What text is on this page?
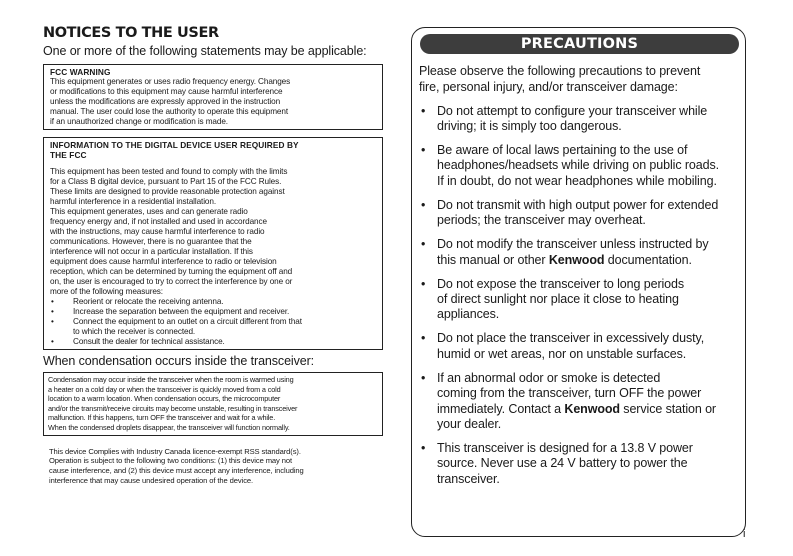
NOTICES TO THE USER
One or more of the following statements may be applicable:
FCC WARNING
This equipment generates or uses radio frequency energy. Changes
or modifications to this equipment may cause harmful interference
unless the modifications are expressly approved in the instruction
manual. The user could lose the authority to operate this equipment
if an unauthorized change or modification is made.
INFORMATION TO THE DIGITAL DEVICE USER REQUIRED BY
THE FCC
This equipment has been tested and found to comply with the limits
for a Class B digital device, pursuant to Part 15 of the FCC Rules.
These limits are designed to provide reasonable protection against
harmful interference in a residential installation.
This equipment generates, uses and can generate radio
frequency energy and, if not installed and used in accordance
with the instructions, may cause harmful interference to radio
communications. However, there is no guarantee that the
interference will not occur in a particular installation. If this
equipment does cause harmful interference to radio or television
reception, which can be determined by turning the equipment off and
on, the user is encouraged to try to correct the interference by one or
more of the following measures:
• Reorient or relocate the receiving antenna.
• Increase the separation between the equipment and receiver.
• Connect the equipment to an outlet on a circuit different from that
to which the receiver is connected.
• Consult the dealer for technical assistance.
When condensation occurs inside the transceiver:
Condensation may occur inside the transceiver when the room is warmed using
a heater on a cold day or when the transceiver is quickly moved from a cold
location to a warm location. When condensation occurs, the microcomputer
and/or the transmit/receive circuits may become unstable, resulting in transceiver
malfunction. If this happens, turn OFF the transceiver and wait for a while.
When the condensed droplets disappear, the transceiver will function normally.
This device Complies with Industry Canada licence-exempt RSS standard(s).
Operation is subject to the following two conditions: (1) this device may not
cause interference, and (2) this device must accept any interference, including
interference that may cause undesired operation of the device.
PRECAUTIONS
Please observe the following precautions to prevent
fire, personal injury, and/or transceiver damage:
• Do not attempt to configure your transceiver while
driving; it is simply too dangerous.
• Be aware of local laws pertaining to the use of
headphones/headsets while driving on public roads.
If in doubt, do not wear headphones while mobiling.
• Do not transmit with high output power for extended
periods; the transceiver may overheat.
• Do not modify the transceiver unless instructed by
this manual or other Kenwood documentation.
• Do not expose the transceiver to long periods
of direct sunlight nor place it close to heating
appliances.
• Do not place the transceiver in excessively dusty,
humid or wet areas, nor on unstable surfaces.
• If an abnormal odor or smoke is detected
coming from the transceiver, turn OFF the power
immediately. Contact a Kenwood service station or
your dealer.
• This transceiver is designed for a 13.8 V power
source. Never use a 24 V battery to power the
transceiver.
i
